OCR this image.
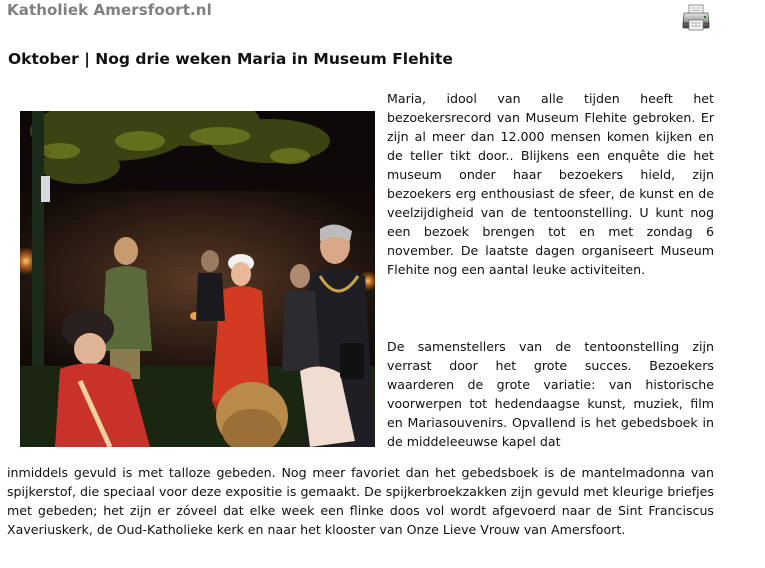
Katholiek Amersfoort.nl
Oktober | Nog drie weken Maria in Museum Flehite

Maria, idool van alle tijden heeft het bezoekersrecord van Museum Flehite gebroken. Er zijn al meer dan 12.000 mensen komen kijken en de teller tikt door.. Blijkens een enquête die het museum onder haar bezoekers hield, zijn bezoekers erg enthousiast de sfeer, de kunst en de veelzijdigheid van de tentoonstelling. U kunt nog een bezoek brengen tot en met zondag 6 november. De laatste dagen organiseert Museum Flehite nog een aantal leuke activiteiten.

De samenstellers van de tentoonstelling zijn verrast door het grote succes. Bezoekers waarderen de grote variatie: van historische voorwerpen tot hedendaagse kunst, muziek, film en Mariasouvenirs. Opvallend is het gebedsboek in de middeleeuwse kapel dat

inmiddels gevuld is met talloze gebeden. Nog meer favoriet dan het gebedsboek is de mantelmadonna van spijkerstof, die speciaal voor deze expositie is gemaakt. De spijkerbroekzakken zijn gevuld met kleurige briefjes met gebeden; het zijn er zóveel dat elke week een flinke doos vol wordt afgevoerd naar de Sint Franciscus Xaveriuskerk, de Oud-Katholieke kerk en naar het klooster van Onze Lieve Vrouw van Amersfoort.
